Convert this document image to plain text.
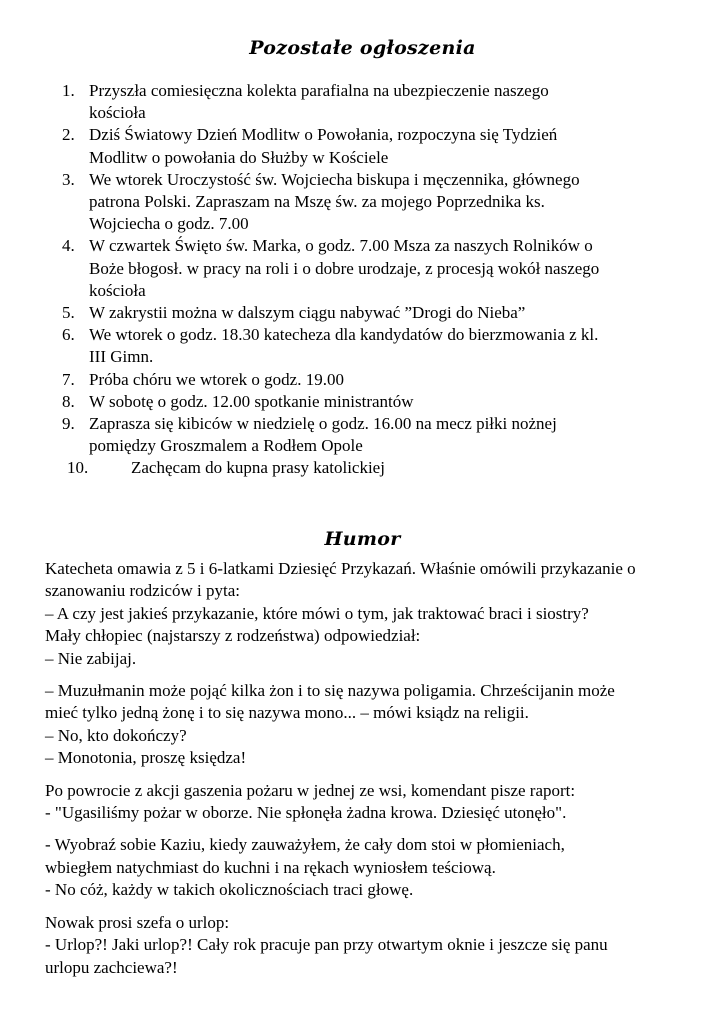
Pozostałe ogłoszenia
1. Przyszła comiesięczna kolekta parafialna na ubezpieczenie naszego
kościoła
2. Dziś Światowy Dzień Modlitw o Powołania, rozpoczyna się Tydzień
Modlitw o powołania do Służby w Kościele
3. We wtorek Uroczystość św. Wojciecha biskupa i męczennika, głównego
patrona Polski. Zapraszam na Mszę św. za mojego Poprzednika ks.
Wojciecha o godz. 7.00
4. W czwartek Święto św. Marka, o godz. 7.00 Msza za naszych Rolników o
Boże błogosł. w pracy na roli i o dobre urodzaje, z procesją wokół naszego
kościoła
5. W zakrystii można w dalszym ciągu nabywać ”Drogi do Nieba”
6. We wtorek o godz. 18.30 katecheza dla kandydatów do bierzmowania z kl.
III Gimn.
7. Próba chóru we wtorek o godz. 19.00
8. W sobotę o godz. 12.00 spotkanie ministrantów
9. Zaprasza się kibiców w niedzielę o godz. 16.00 na mecz piłki nożnej
pomiędzy Groszmalem a Rodłem Opole
10.	Zachęcam do kupna prasy katolickiej
Humor

Katecheta omawia z 5 i 6-latkami Dziesięć Przykazań. Właśnie omówili przykazanie o
szanowaniu rodziców i pyta:
– A czy jest jakieś przykazanie, które mówi o tym, jak traktować braci i siostry?
Mały chłopiec (najstarszy z rodzeństwa) odpowiedział:
– Nie zabijaj.

– Muzułmanin może pojąć kilka żon i to się nazywa poligamia. Chrześcijanin może
mieć tylko jedną żonę i to się nazywa mono... – mówi ksiądz na religii.
– No, kto dokończy?
– Monotonia, proszę księdza!

Po powrocie z akcji gaszenia pożaru w jednej ze wsi, komendant pisze raport:
- "Ugasiliśmy pożar w oborze. Nie spłonęła żadna krowa. Dziesięć utonęło".

- Wyobraź sobie Kaziu, kiedy zauważyłem, że cały dom stoi w płomieniach,
wbiegłem natychmiast do kuchni i na rękach wyniosłem teściową.
- No cóż, każdy w takich okolicznościach traci głowę.

Nowak prosi szefa o urlop:
- Urlop?! Jaki urlop?! Cały rok pracuje pan przy otwartym oknie i jeszcze się panu
urlopu zachciewa?!
